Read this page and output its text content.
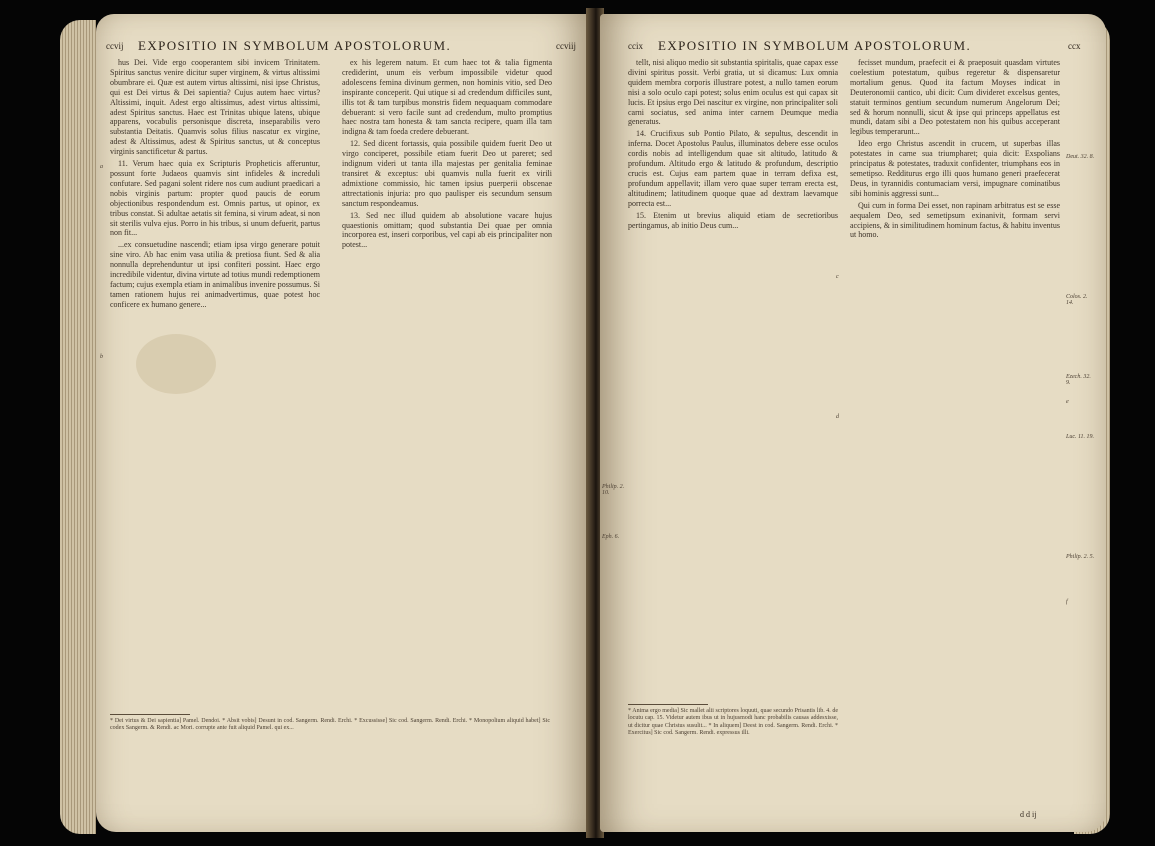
ccvij EXPOSITIO IN SYMBOLUM APOSTOLORUM.	ccviij

hus Dei. Vide ergo cooperantem sibi invicem Trinitatem. Spiritus sanctus venire dicitur super virginem, & virtus altissimi obumbrare ei. Quæ est autem virtus altissimi, nisi ipse Christus, qui est Dei virtus & Dei sapientia? Cujus autem haec virtus? Altissimi, inquit. Adest ergo altissimus, adest virtus altissimi, adest Spiritus sanctus. Haec est Trinitas ubique latens, ubique apparens, vocabulis personisque discreta, inseparabilis vero substantia Deitatis. Quamvis solus filius nascatur ex virgine, adest & Altissimus, adest & Spiritus sanctus, ut & conceptus virginis sanctificetur & partus.

11. Verum haec quia ex Scripturis Propheticis afferuntur, possunt forte Judaeos quamvis sint infideles & increduli confutare. Sed pagani solent ridere nos cum audiunt praedicari a nobis virginis partum: propter quod paucis de eorum objectionibus respondendum est. Omnis partus, ut opinor, ex tribus constat. Si adultae aetatis sit femina, si virum adeat, si non sit sterilis vulva ejus. Porro in his tribus, si unum defuerit, partus non fit...

...ex consuetudine nascendi; etiam ipsa virgo generare potuit sine viro. Ab hac enim vasa utilia & pretiosa fiunt. Sed & alia nonnulla deprehenduntur ut ipsi confiteri possint. Haec ergo incredibile videntur, divina virtute ad totius mundi redemptionem factum; cujus exempla etiam in animalibus invenire possumus. Si tamen rationem hujus rei animadvertimus, quae potest hoc conficere ex humano genere...

ex his legerem natum. Et cum haec tot & talia figmenta crediderint, unum eis verbum impossibile videtur quod adolescens femina divinum germen, non hominis vitio, sed Deo inspirante conceperit. Qui utique si ad credendum difficiles sunt, illis tot & tam turpibus monstris fidem nequaquam commodare debuerant: si vero facile sunt ad credendum, multo promptius haec nostra tam honesta & tam sancta recipere, quam illa tam indigna & tam foeda credere debuerant.

12. Sed dicent fortassis, quia possibile quidem fuerit Deo ut virgo conciperet, possibile etiam fuerit Deo ut pareret; sed indignum videri ut tanta illa majestas per genitalia feminae transiret & exceptus: ubi quamvis nulla fuerit ex virili admixtione commissio, hic tamen ipsius puerperii obscenae attrectationis injuria: pro quo paulisper eis secundum sensum sanctum respondeamus.

13. Sed nec illud quidem ab absolutione vacare hujus quaestionis omittam; quod substantia Dei quae per omnia incorporea est, inseri corporibus, vel capi ab eis principaliter non potest...

a
b

* Dei virtus & Dei sapientia] Pamel. Dendoi. * Absit vobis] Desunt in cod. Sangerm. Rendi. Erchi. * Excussisse] Sic cod. Sangerm. Rendi. Erchi. * Monopolium aliquid habet] Sic codex Sangerm. & Rendi. ac Mori. corrupte ante fuit aliquid Pamel. qui ex...

ccix EXPOSITIO IN SYMBOLUM APOSTOLORUM.	ccx

tellt, nisi aliquo medio sit substantia spiritalis, quae capax esse divini spiritus possit. Verbi gratia, ut si dicamus: Lux omnia quidem membra corporis illustrare potest, a nullo tamen eorum nisi a solo oculo capi potest; solus enim oculus est qui capax sit lucis. Et ipsius ergo Dei nascitur ex virgine, non principaliter soli carni sociatus, sed anima inter carnem Deumque media generatus.

14. Crucifixus sub Pontio Pilato, & sepultus, descendit in inferna. Docet Apostolus Paulus, illuminatos debere esse oculos cordis nobis ad intelligendum quae sit altitudo, latitudo & profundum. Altitudo ergo & latitudo & profundum, descriptio crucis est. Cujus eam partem quae in terram defixa est, profundum appellavit; illam vero quae super terram erecta est, altitudinem; latitudinem quoque quae ad dextram laevamque porrecta est...

15. Etenim ut brevius aliquid etiam de secretioribus pertingamus, ab initio Deus cum...

fecisset mundum, praefecit ei & praeposuit quasdam virtutes coelestium potestatum, quibus regeretur & dispensaretur mortalium genus. Quod ita factum Moyses indicat in Deuteronomii cantico, ubi dicit: Cum divideret excelsus gentes, statuit terminos gentium secundum numerum Angelorum Dei; sed & horum nonnulli, sicut & ipse qui princeps appellatus est mundi, datam sibi a Deo potestatem non his quibus acceperant legibus temperarunt...

Ideo ergo Christus ascendit in crucem, ut superbas illas potestates in carne sua triumpharet; quia dicit: Exspolians principatus & potestates, traduxit confidenter, triumphans eos in semetipso. Redditurus ergo illi quos humano generi praefecerat Deus, in tyrannidis contumaciam versi, impugnare cominatibus sibi hominis aggressi sunt...

Qui cum in forma Dei esset, non rapinam arbitratus est se esse aequalem Deo, sed semetipsum exinanivit, formam servi accipiens, & in similitudinem hominum factus, & habitu inventus ut homo.

Philip. 2. 10.
Eph. 6.
Deut. 32. 8.
Colos. 2. 14.
Ezech. 32. 9.
Luc. 11. 19.
Philip. 2. 5.
c
d
e
f

* Anima ergo media] Sic mallet alii scriptores loquuti, quae secundo Prisantis lib. 4. de locutu cap. 15. Videtur autem ibus ut in hujusmodi hanc probabilis causas addesxisse, ut dicitur quae Christus susulit... * In aliquem] Deest in cod. Sangerm. Rendi. Erchi. * Exercitus] Sic cod. Sangerm. Rendi. expressus illi.

d d ij
